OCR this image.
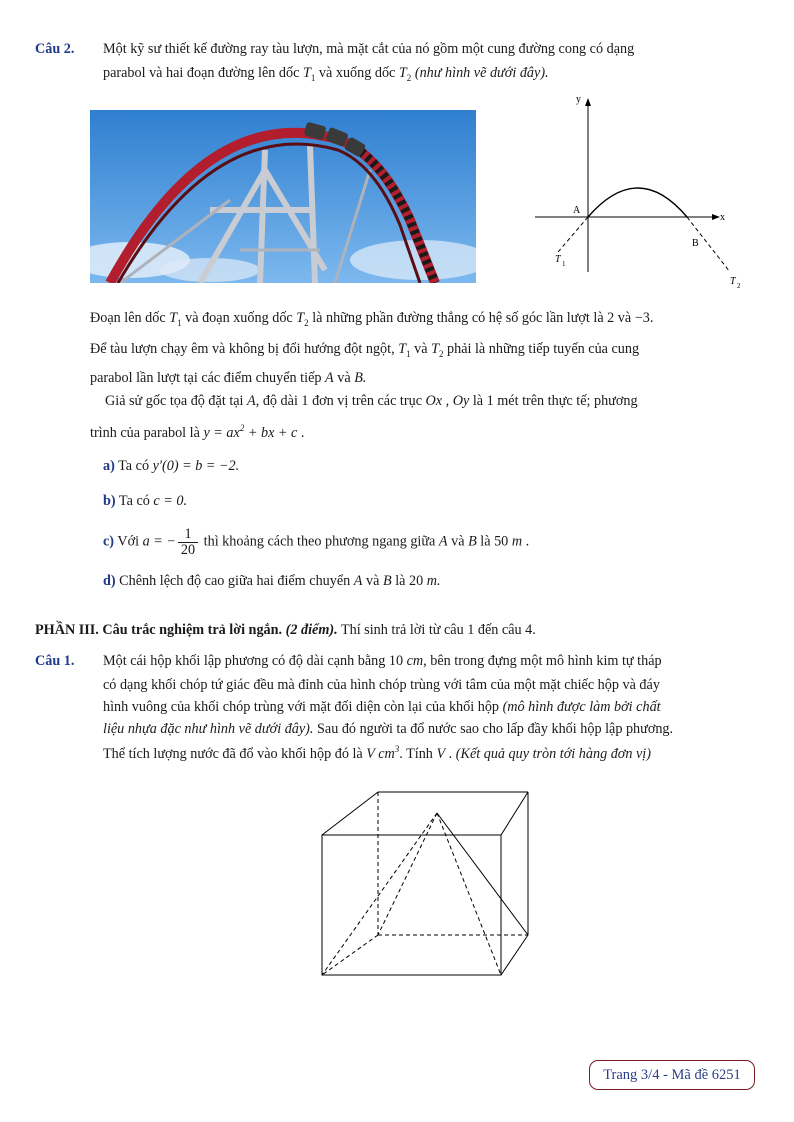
Câu 2. Một kỹ sư thiết kế đường ray tàu lượn, mà mặt cắt của nó gồm một cung đường cong có dạng
parabol và hai đoạn đường lên dốc $T_1$ và xuống dốc $T_2$ (như hình vẽ dưới đây).
y
x
A
B
T 1
T 2
Đoạn lên dốc $T_1$ và đoạn xuống dốc $T_2$ là những phần đường thẳng có hệ số góc lần lượt là 2 và −3.
Để tàu lượn chạy êm và không bị đổi hướng đột ngột, $T_1$ và $T_2$ phải là những tiếp tuyến của cung
parabol lần lượt tại các điểm chuyển tiếp A và B.
Giả sử gốc tọa độ đặt tại A, độ dài 1 đơn vị trên các trục Ox , Oy là 1 mét trên thực tế; phương
trình của parabol là $y = ax^2$ + bx + c .
a) Ta có y′(0) = b = −2.
b) Ta có c = 0.
c) Với a = − $\frac{1}{20}$ thì khoảng cách theo phương ngang giữa A và B là 50 m .
d) Chênh lệch độ cao giữa hai điểm chuyển A và B là 20 m.
PHẦN III. Câu trắc nghiệm trả lời ngắn. (2 điểm). Thí sinh trả lời từ câu 1 đến câu 4.
Câu 1. Một cái hộp khối lập phương có độ dài cạnh bằng 10 cm, bên trong đựng một mô hình kim tự tháp
có dạng khối chóp tứ giác đều mà đỉnh của hình chóp trùng với tâm của một mặt chiếc hộp và đáy
hình vuông của khối chóp trùng với mặt đối diện còn lại của khối hộp (mô hình được làm bởi chất
liệu nhựa đặc như hình vẽ dưới đây). Sau đó người ta đổ nước sao cho lấp đầy khối hộp lập phương.
Thể tích lượng nước đã đổ vào khối hộp đó là V $cm^3$. Tính V . (Kết quả quy tròn tới hàng đơn vị)
Trang 3/4 - Mã đề 6251
